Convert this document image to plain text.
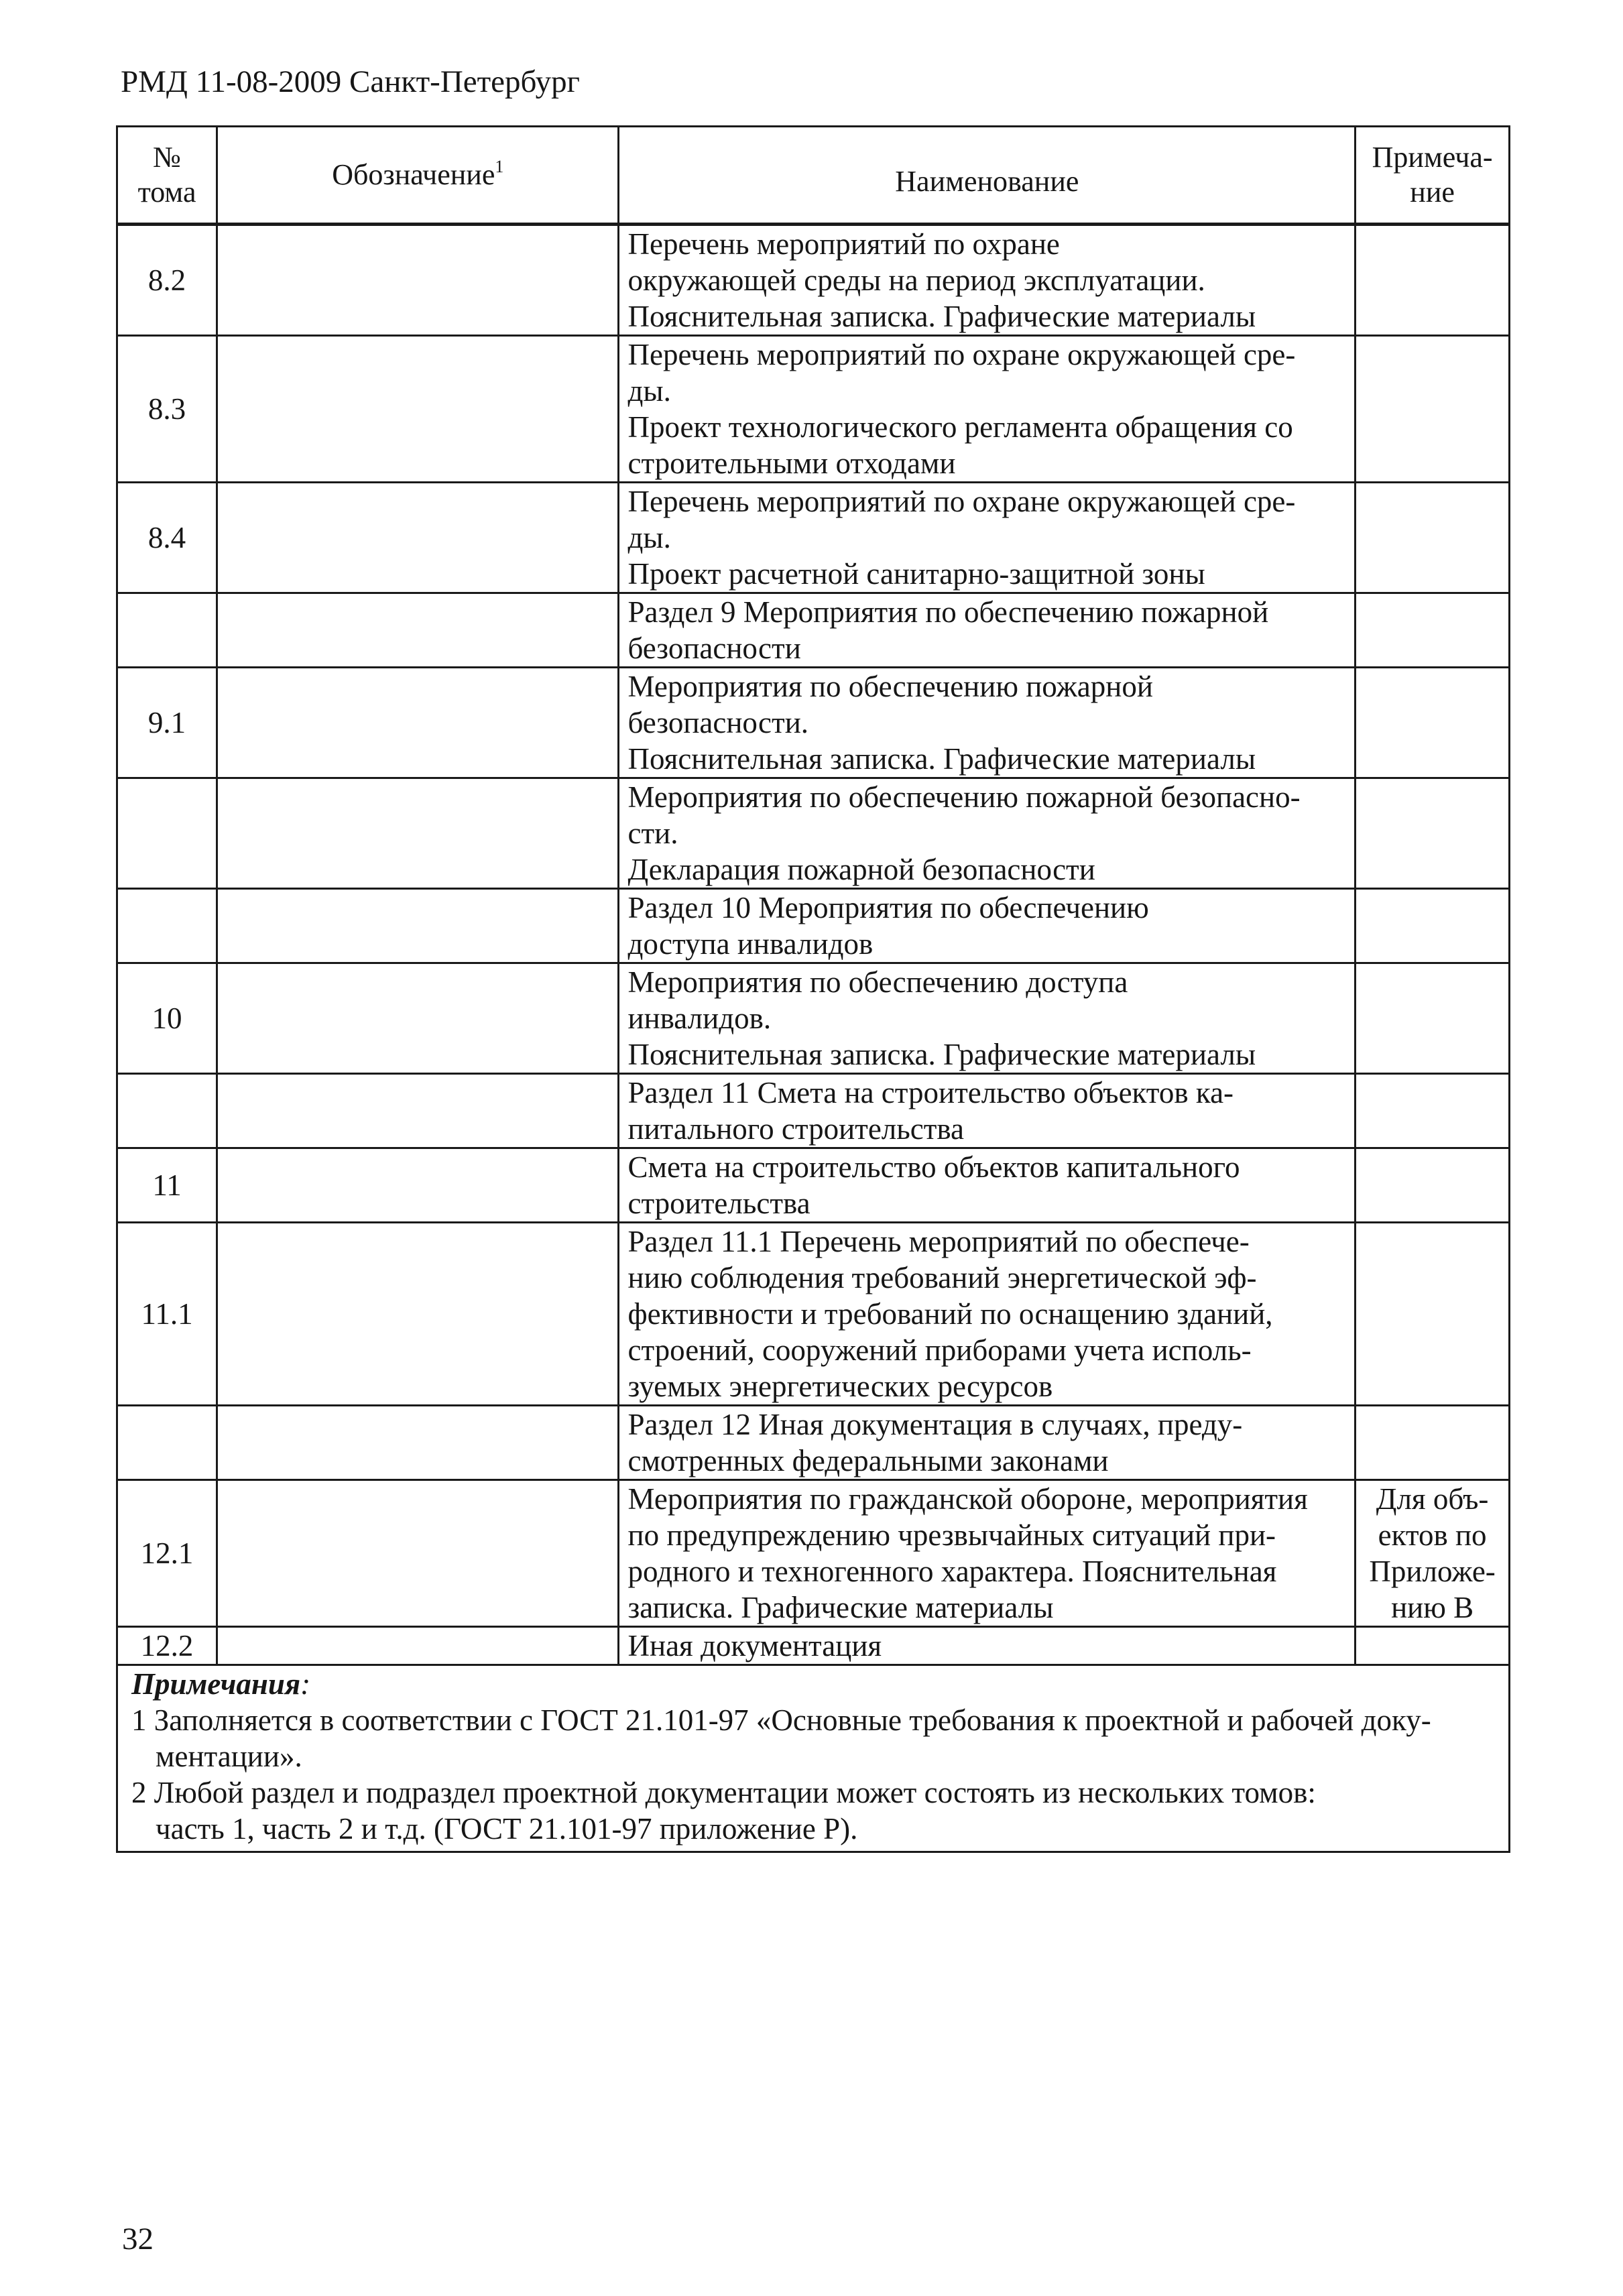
РМД 11-08-2009 Санкт-Петербург
№
тома	Обозначение$^1$	Наименование	Примеча-
ние

8.2		Перечень мероприятий по охране
окружающей среды на период эксплуатации.
Пояснительная записка. Графические материалы	

8.3		Перечень мероприятий по охране окружающей сре-
ды.
Проект технологического регламента обращения со
строительными отходами	

8.4		Перечень мероприятий по охране окружающей сре-
ды.
Проект расчетной санитарно-защитной зоны	

		Раздел 9 Мероприятия по обеспечению пожарной
безопасности	

9.1		Мероприятия по обеспечению пожарной
безопасности.
Пояснительная записка. Графические материалы	

		Мероприятия по обеспечению пожарной безопасно-
сти.
Декларация пожарной безопасности	

		Раздел 10 Мероприятия по обеспечению
доступа инвалидов	

10		Мероприятия по обеспечению доступа
инвалидов.
Пояснительная записка. Графические материалы	

		Раздел 11 Смета на строительство объектов ка-
питального строительства	

11		Смета на строительство объектов капитального
строительства	

11.1		Раздел 11.1 Перечень мероприятий по обеспече-
нию соблюдения требований энергетической эф-
фективности и требований по оснащению зданий,
строений, сооружений приборами учета исполь-
зуемых энергетических ресурсов	

		Раздел 12 Иная документация в случаях, преду-
смотренных федеральными законами	

12.1		Мероприятия по гражданской обороне, мероприятия
по предупреждению чрезвычайных ситуаций при-
родного и техногенного характера. Пояснительная
записка. Графические материалы	Для объ-
ектов по
Приложе-
нию В

12.2		Иная документация	

Примечания:
1 Заполняется в соответствии с ГОСТ 21.101-97 «Основные требования к проектной и рабочей доку-
ментации».
2 Любой раздел и подраздел проектной документации может состоять из нескольких томов:
часть 1, часть 2 и т.д. (ГОСТ 21.101-97 приложение Р).			
32
